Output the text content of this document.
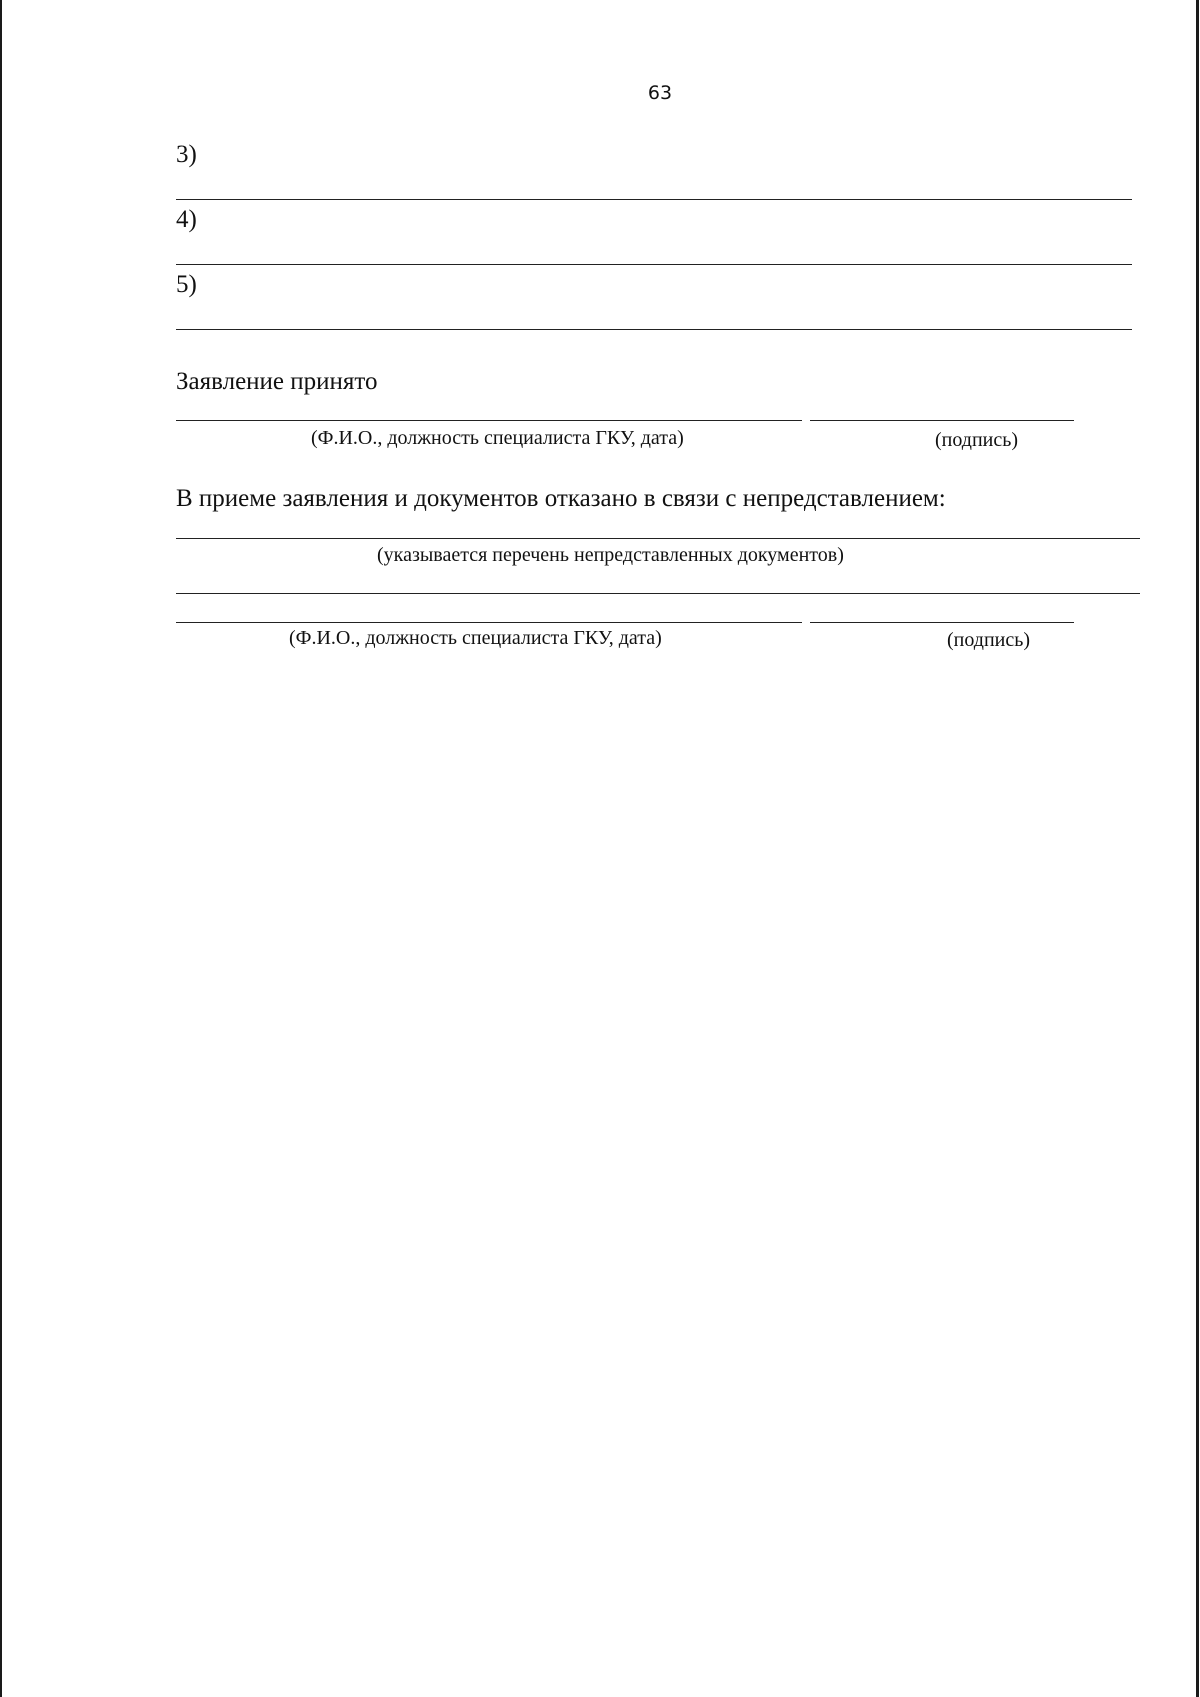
63
3)
4)
5)
Заявление принято
(Ф.И.О., должность специалиста ГКУ, дата)	(подпись)
В приеме заявления и документов отказано в связи с непредставлением:
(указывается перечень непредставленных документов)
(Ф.И.О., должность специалиста ГКУ, дата)	(подпись)
